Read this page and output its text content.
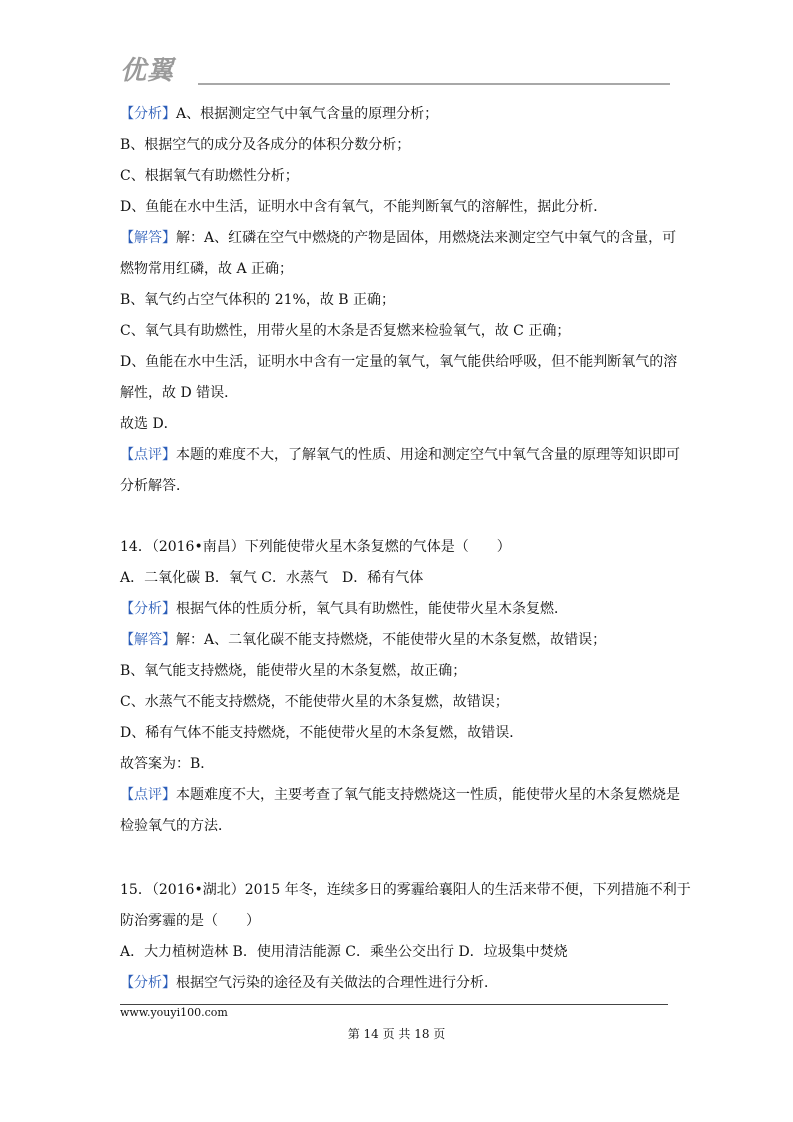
优翼
【分析】A、根据测定空气中氧气含量的原理分析；
B、根据空气的成分及各成分的体积分数分析；
C、根据氧气有助燃性分析；
D、鱼能在水中生活，证明水中含有氧气，不能判断氧气的溶解性，据此分析．
【解答】解：A、红磷在空气中燃烧的产物是固体，用燃烧法来测定空气中氧气的含量，可
燃物常用红磷，故 A 正确；
B、氧气约占空气体积的 21%，故 B 正确；
C、氧气具有助燃性，用带火星的木条是否复燃来检验氧气，故 C 正确；
D、鱼能在水中生活，证明水中含有一定量的氧气，氧气能供给呼吸，但不能判断氧气的溶
解性，故 D 错误．
故选 D．
【点评】本题的难度不大，了解氧气的性质、用途和测定空气中氧气含量的原理等知识即可
分析解答．
14．（2016•南昌）下列能使带火星木条复燃的气体是（　　）
A．二氧化碳 B．氧气 C．水蒸气　D．稀有气体
【分析】根据气体的性质分析，氧气具有助燃性，能使带火星木条复燃．
【解答】解：A、二氧化碳不能支持燃烧，不能使带火星的木条复燃，故错误；
B、氧气能支持燃烧，能使带火星的木条复燃，故正确；
C、水蒸气不能支持燃烧，不能使带火星的木条复燃，故错误；
D、稀有气体不能支持燃烧，不能使带火星的木条复燃，故错误．
故答案为：B．
【点评】本题难度不大，主要考查了氧气能支持燃烧这一性质，能使带火星的木条复燃烧是
检验氧气的方法．
15．（2016•湖北）2015 年冬，连续多日的雾霾给襄阳人的生活来带不便，下列措施不利于
防治雾霾的是（　　）
A．大力植树造林 B．使用清洁能源 C．乘坐公交出行 D．垃圾集中焚烧
【分析】根据空气污染的途径及有关做法的合理性进行分析．
www.youyi100.com
第 14 页 共 18 页
